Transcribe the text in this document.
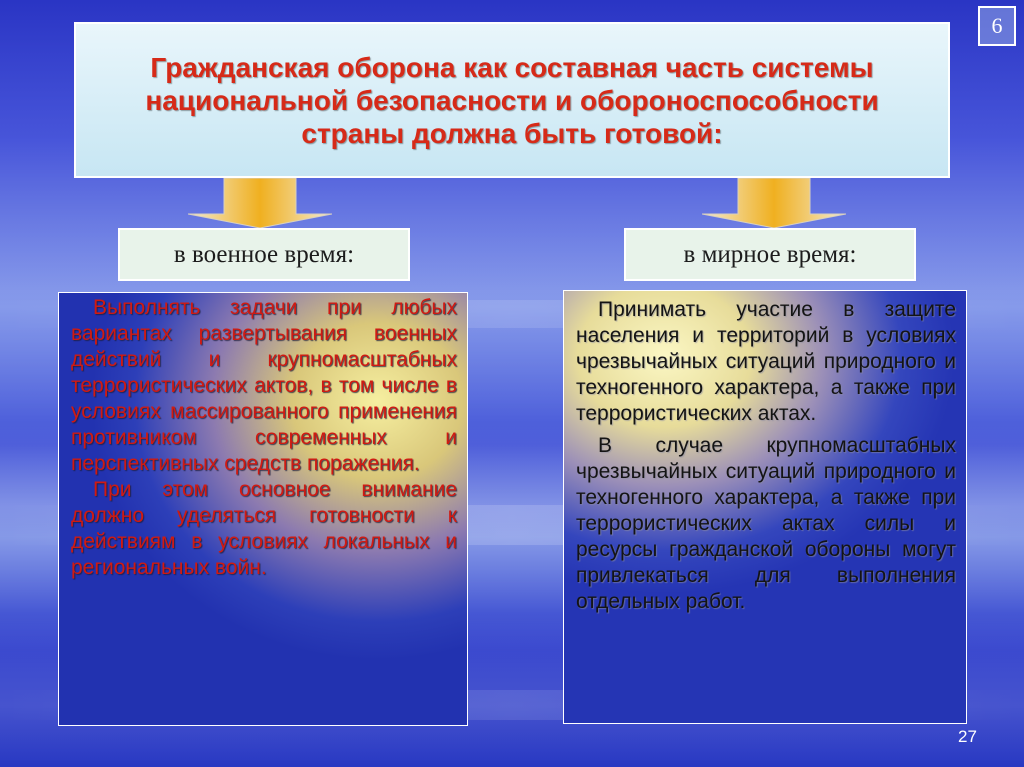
6
Гражданская оборона как составная часть системы национальной безопасности и обороноспособности страны должна быть готовой:
в военное время:	в мирное время:

Выполнять задачи при любых вариантах развертывания военных действий и крупномасштабных террористических актов, в том числе в условиях массированного применения противником современных и перспективных средств поражения.

При этом основное внимание должно уделяться готовности к действиям в условиях локальных и региональных войн.

Принимать участие в защите населения и территорий в условиях чрезвычайных ситуаций природного и техногенного характера, а также при террористических актах.

В случае крупномасштабных чрезвычайных ситуаций природного и техногенного характера, а также при террористических актах силы и ресурсы гражданской обороны могут привлекаться для выполнения отдельных работ.

27
